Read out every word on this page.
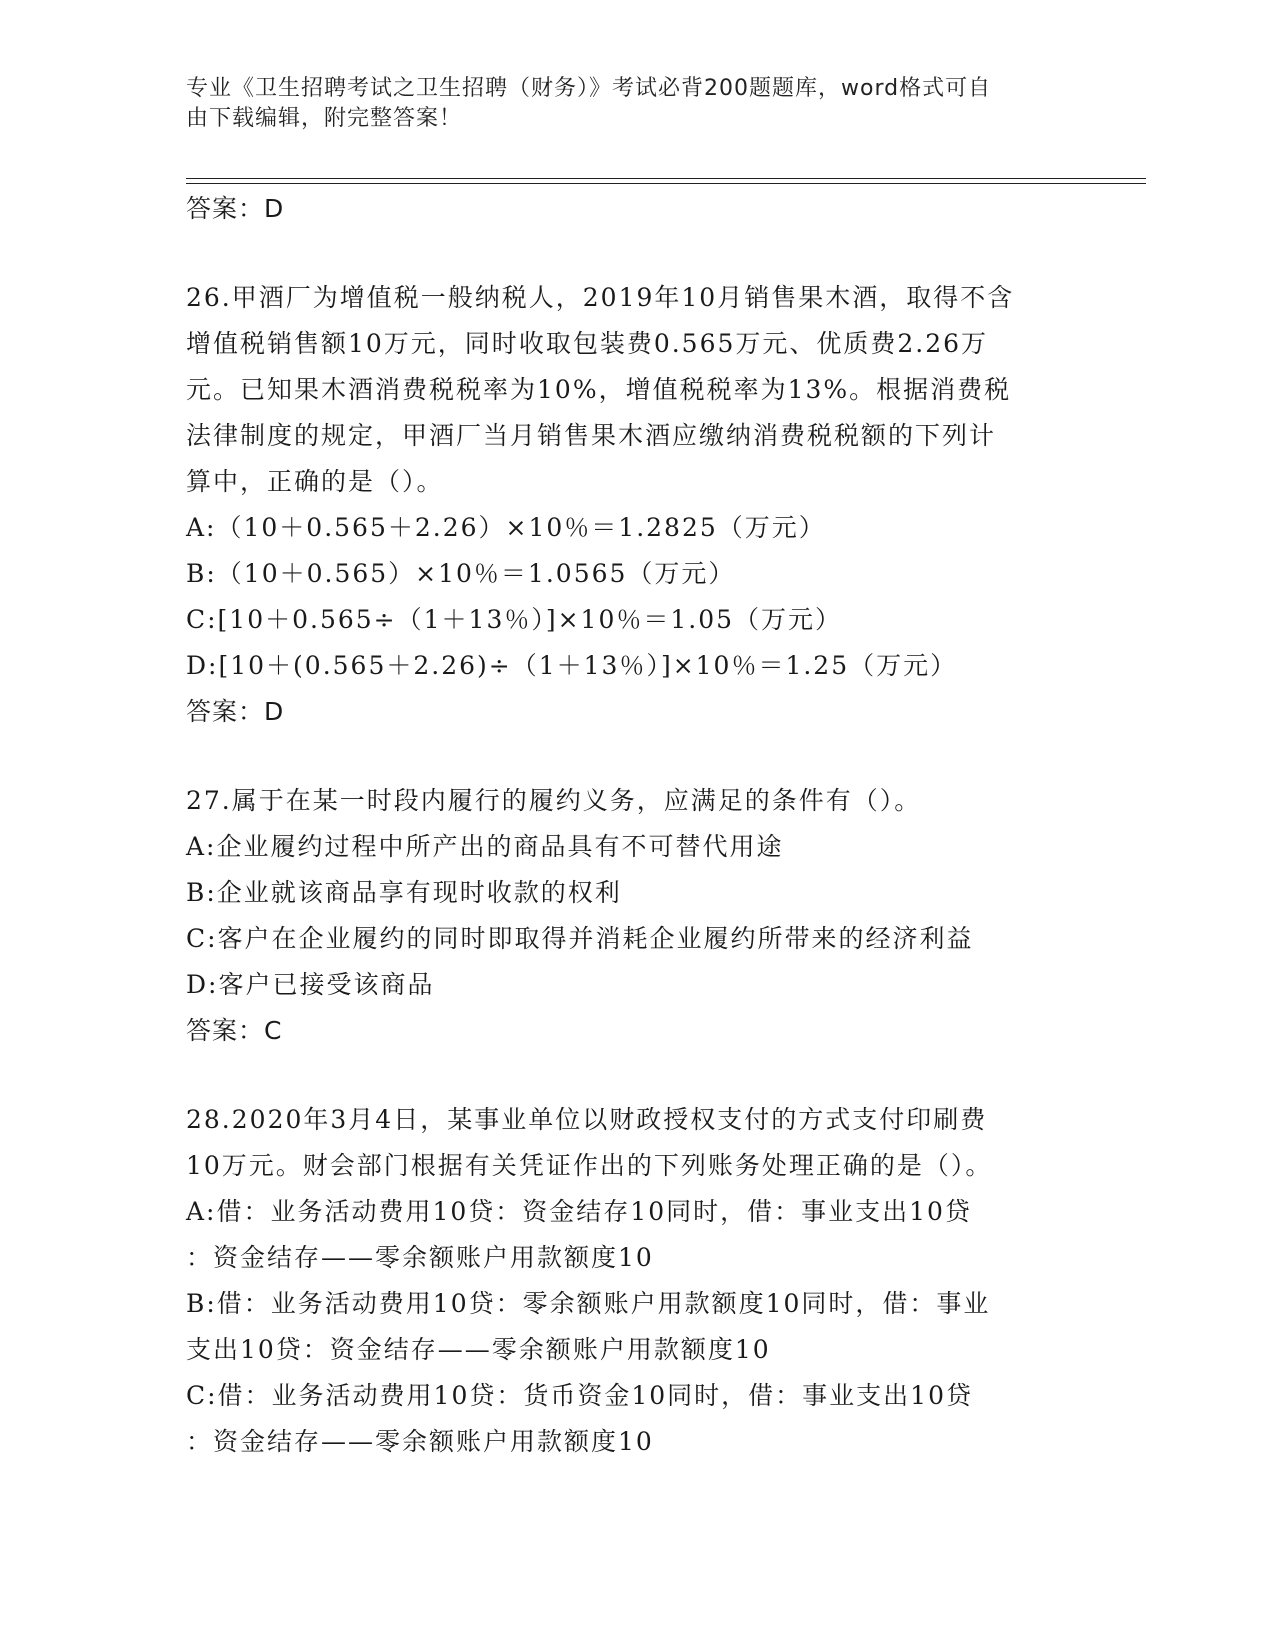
专业《卫生招聘考试之卫生招聘（财务）》考试必背200题题库，word格式可自
由下载编辑，附完整答案！
答案：D
26.甲酒厂为增值税一般纳税人，2019年10月销售果木酒，取得不含
增值税销售额10万元，同时收取包装费0.565万元、优质费2.26万
元。已知果木酒消费税税率为10%，增值税税率为13%。根据消费税
法律制度的规定，甲酒厂当月销售果木酒应缴纳消费税税额的下列计
算中，正确的是（）。
A:（10＋0.565＋2.26）×10％＝1.2825（万元）
B:（10＋0.565）×10％＝1.0565（万元）
C:[10＋0.565÷（1＋13％）]×10％＝1.05（万元）
D:[10＋(0.565＋2.26)÷（1＋13％）]×10％＝1.25（万元）
答案：D
27.属于在某一时段内履行的履约义务，应满足的条件有（）。
A:企业履约过程中所产出的商品具有不可替代用途
B:企业就该商品享有现时收款的权利
C:客户在企业履约的同时即取得并消耗企业履约所带来的经济利益
D:客户已接受该商品
答案：C
28.2020年3月4日，某事业单位以财政授权支付的方式支付印刷费
10万元。财会部门根据有关凭证作出的下列账务处理正确的是（）。
A:借：业务活动费用10贷：资金结存10同时，借：事业支出10贷
：资金结存——零余额账户用款额度10
B:借：业务活动费用10贷：零余额账户用款额度10同时，借：事业
支出10贷：资金结存——零余额账户用款额度10
C:借：业务活动费用10贷：货币资金10同时，借：事业支出10贷
：资金结存——零余额账户用款额度10
